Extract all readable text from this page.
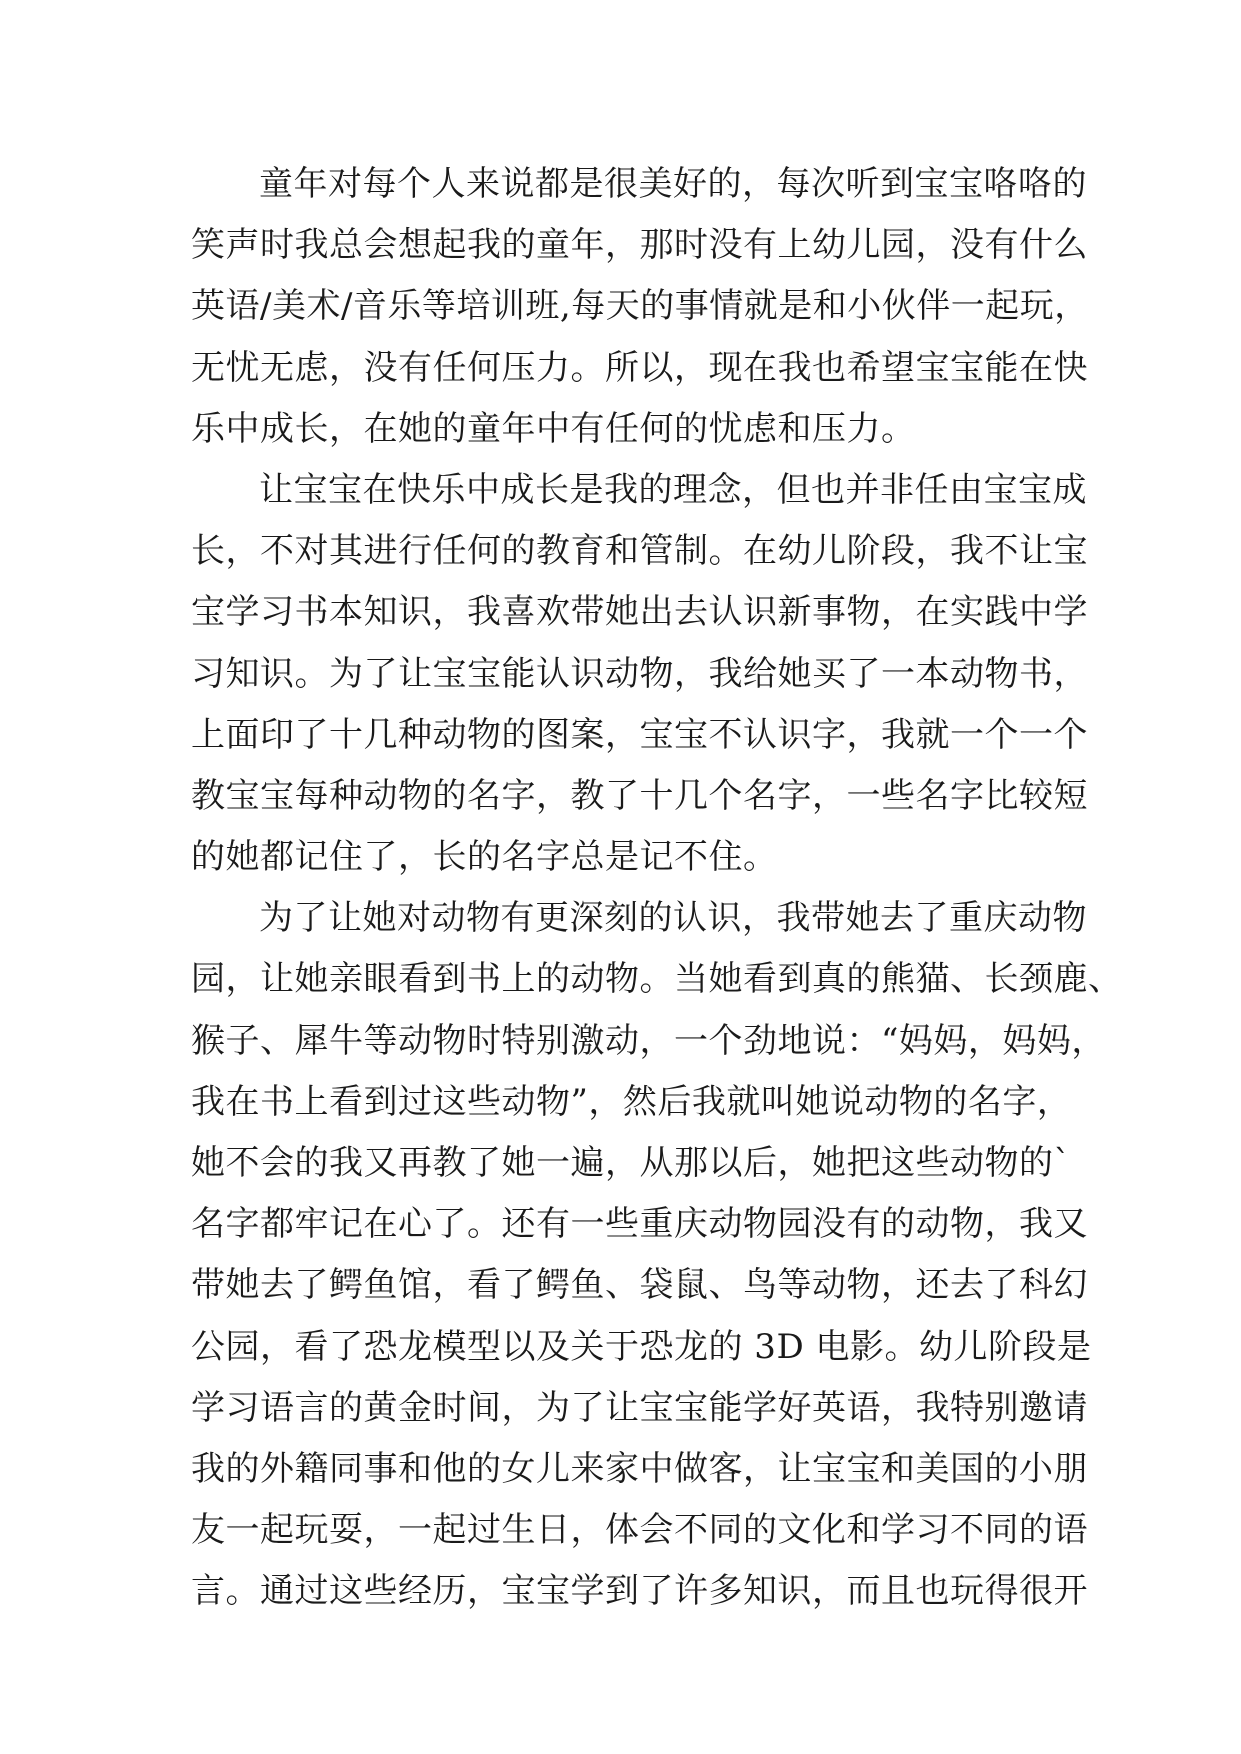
童年对每个人来说都是很美好的，每次听到宝宝咯咯的
笑声时我总会想起我的童年，那时没有上幼儿园，没有什么
英语/美术/音乐等培训班,每天的事情就是和小伙伴一起玩，
无忧无虑，没有任何压力。所以，现在我也希望宝宝能在快
乐中成长，在她的童年中有任何的忧虑和压力。
让宝宝在快乐中成长是我的理念，但也并非任由宝宝成
长，不对其进行任何的教育和管制。在幼儿阶段，我不让宝
宝学习书本知识，我喜欢带她出去认识新事物，在实践中学
习知识。为了让宝宝能认识动物，我给她买了一本动物书，
上面印了十几种动物的图案，宝宝不认识字，我就一个一个
教宝宝每种动物的名字，教了十几个名字，一些名字比较短
的她都记住了，长的名字总是记不住。
为了让她对动物有更深刻的认识，我带她去了重庆动物
园，让她亲眼看到书上的动物。当她看到真的熊猫、长颈鹿、
猴子、犀牛等动物时特别激动，一个劲地说：“妈妈，妈妈，
我在书上看到过这些动物”，然后我就叫她说动物的名字，
她不会的我又再教了她一遍，从那以后，她把这些动物的`
名字都牢记在心了。还有一些重庆动物园没有的动物，我又
带她去了鳄鱼馆，看了鳄鱼、袋鼠、鸟等动物，还去了科幻
公园，看了恐龙模型以及关于恐龙的 3D 电影。幼儿阶段是
学习语言的黄金时间，为了让宝宝能学好英语，我特别邀请
我的外籍同事和他的女儿来家中做客，让宝宝和美国的小朋
友一起玩耍，一起过生日，体会不同的文化和学习不同的语
言。通过这些经历，宝宝学到了许多知识，而且也玩得很开
